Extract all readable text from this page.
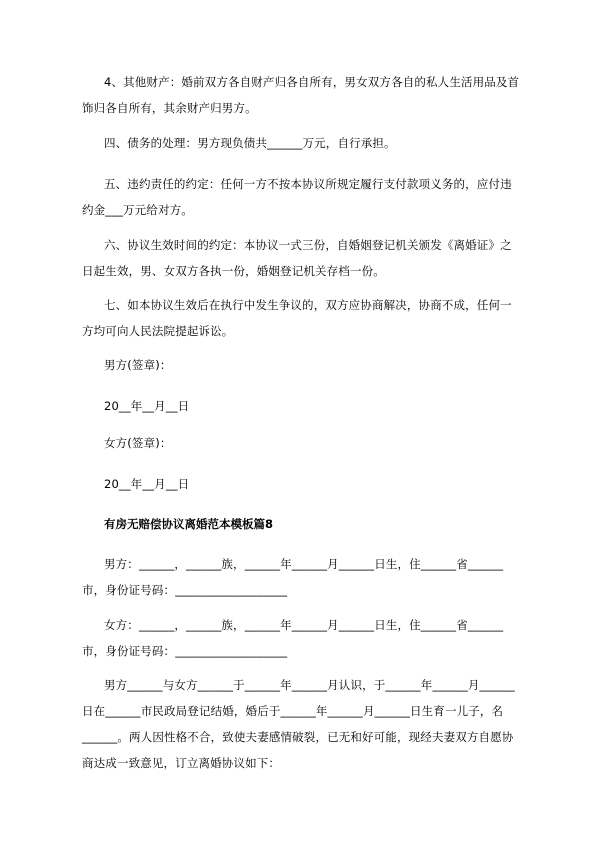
4、其他财产：婚前双方各自财产归各自所有，男女双方各自的私人生活用品及首饰归各自所有，其余财产归男方。
四、债务的处理：男方现负债共______万元，自行承担。
五、违约责任的约定：任何一方不按本协议所规定履行支付款项义务的，应付违约金___万元给对方。
六、协议生效时间的约定：本协议一式三份，自婚姻登记机关颁发《离婚证》之日起生效，男、女双方各执一份，婚姻登记机关存档一份。
七、如本协议生效后在执行中发生争议的，双方应协商解决，协商不成，任何一方均可向人民法院提起诉讼。
男方(签章)：
20__年__月__日
女方(签章)：
20__年__月__日
有房无赔偿协议离婚范本模板篇8
男方：______，______族，______年______月______日生，住______省______市，身份证号码：___________________
女方：______，______族，______年______月______日生，住______省______市，身份证号码：___________________
男方______与女方______于______年______月认识，于______年______月______日在______市民政局登记结婚，婚后于______年______月______日生育一儿子，名______。两人因性格不合，致使夫妻感情破裂，已无和好可能，现经夫妻双方自愿协商达成一致意见，订立离婚协议如下：
